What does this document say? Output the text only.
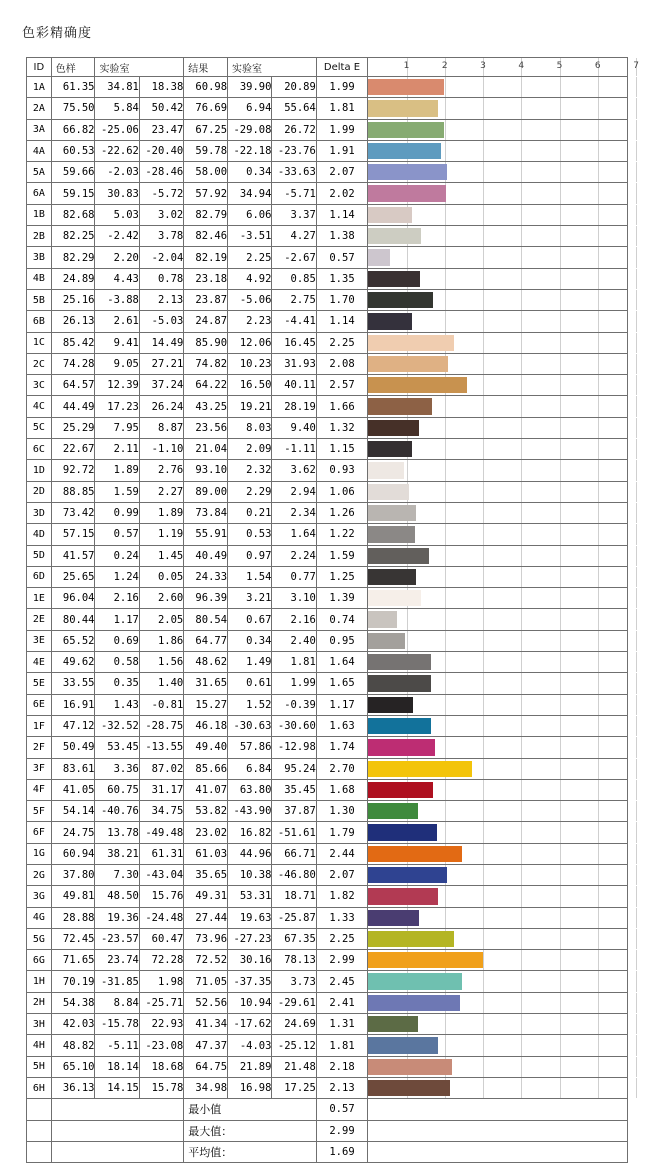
色彩精确度
ID	色样	实验室	结果	实验室	Delta E	1	2	3	4	5	6	7

1A	61.35	34.81	18.38	60.98	39.90	20.89	1.99	

2A	75.50	5.84	50.42	76.69	6.94	55.64	1.81	

3A	66.82	-25.06	23.47	67.25	-29.08	26.72	1.99	

4A	60.53	-22.62	-20.40	59.78	-22.18	-23.76	1.91	

5A	59.66	-2.03	-28.46	58.00	0.34	-33.63	2.07	

6A	59.15	30.83	-5.72	57.92	34.94	-5.71	2.02	

1B	82.68	5.03	3.02	82.79	6.06	3.37	1.14	

2B	82.25	-2.42	3.78	82.46	-3.51	4.27	1.38	

3B	82.29	2.20	-2.04	82.19	2.25	-2.67	0.57	

4B	24.89	4.43	0.78	23.18	4.92	0.85	1.35	

5B	25.16	-3.88	2.13	23.87	-5.06	2.75	1.70	

6B	26.13	2.61	-5.03	24.87	2.23	-4.41	1.14	

1C	85.42	9.41	14.49	85.90	12.06	16.45	2.25	

2C	74.28	9.05	27.21	74.82	10.23	31.93	2.08	

3C	64.57	12.39	37.24	64.22	16.50	40.11	2.57	

4C	44.49	17.23	26.24	43.25	19.21	28.19	1.66	

5C	25.29	7.95	8.87	23.56	8.03	9.40	1.32	

6C	22.67	2.11	-1.10	21.04	2.09	-1.11	1.15	

1D	92.72	1.89	2.76	93.10	2.32	3.62	0.93	

2D	88.85	1.59	2.27	89.00	2.29	2.94	1.06	

3D	73.42	0.99	1.89	73.84	0.21	2.34	1.26	

4D	57.15	0.57	1.19	55.91	0.53	1.64	1.22	

5D	41.57	0.24	1.45	40.49	0.97	2.24	1.59	

6D	25.65	1.24	0.05	24.33	1.54	0.77	1.25	

1E	96.04	2.16	2.60	96.39	3.21	3.10	1.39	

2E	80.44	1.17	2.05	80.54	0.67	2.16	0.74	

3E	65.52	0.69	1.86	64.77	0.34	2.40	0.95	

4E	49.62	0.58	1.56	48.62	1.49	1.81	1.64	

5E	33.55	0.35	1.40	31.65	0.61	1.99	1.65	

6E	16.91	1.43	-0.81	15.27	1.52	-0.39	1.17	

1F	47.12	-32.52	-28.75	46.18	-30.63	-30.60	1.63	

2F	50.49	53.45	-13.55	49.40	57.86	-12.98	1.74	

3F	83.61	3.36	87.02	85.66	6.84	95.24	2.70	

4F	41.05	60.75	31.17	41.07	63.80	35.45	1.68	

5F	54.14	-40.76	34.75	53.82	-43.90	37.87	1.30	

6F	24.75	13.78	-49.48	23.02	16.82	-51.61	1.79	

1G	60.94	38.21	61.31	61.03	44.96	66.71	2.44	

2G	37.80	7.30	-43.04	35.65	10.38	-46.80	2.07	

3G	49.81	48.50	15.76	49.31	53.31	18.71	1.82	

4G	28.88	19.36	-24.48	27.44	19.63	-25.87	1.33	

5G	72.45	-23.57	60.47	73.96	-27.23	67.35	2.25	

6G	71.65	23.74	72.28	72.52	30.16	78.13	2.99	

1H	70.19	-31.85	1.98	71.05	-37.35	3.73	2.45	

2H	54.38	8.84	-25.71	52.56	10.94	-29.61	2.41	

3H	42.03	-15.78	22.93	41.34	-17.62	24.69	1.31	

4H	48.82	-5.11	-23.08	47.37	-4.03	-25.12	1.81	

5H	65.10	18.14	18.68	64.75	21.89	21.48	2.18	

6H	36.13	14.15	15.78	34.98	16.98	17.25	2.13	

				最小值			0.57	
				最大值：			2.99	
				平均值：			1.69	
